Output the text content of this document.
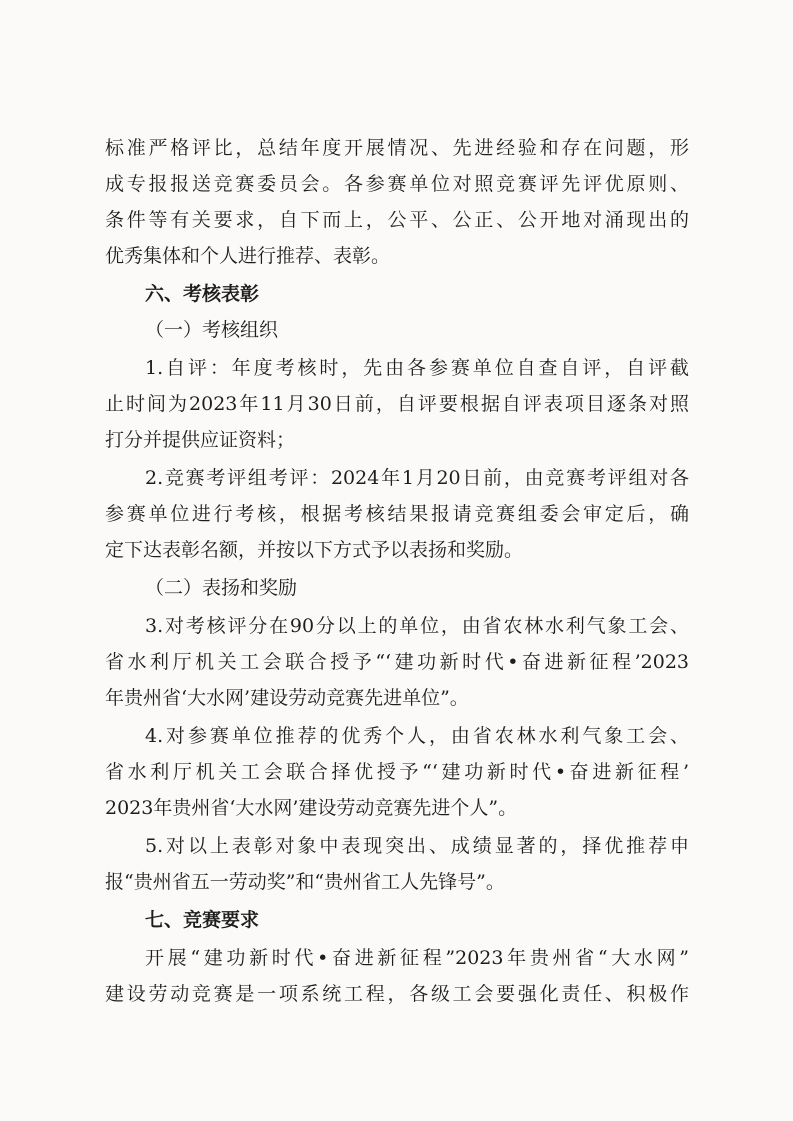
标准严格评比，总结年度开展情况、先进经验和存在问题，形
成专报报送竞赛委员会。各参赛单位对照竞赛评先评优原则、
条件等有关要求，自下而上，公平、公正、公开地对涌现出的
优秀集体和个人进行推荐、表彰。
六、考核表彰
（一）考核组织
1.自评：年度考核时，先由各参赛单位自查自评，自评截
止时间为2023年11月30日前，自评要根据自评表项目逐条对照
打分并提供应证资料；
2.竞赛考评组考评：2024年1月20日前，由竞赛考评组对各
参赛单位进行考核，根据考核结果报请竞赛组委会审定后，确
定下达表彰名额，并按以下方式予以表扬和奖励。
（二）表扬和奖励
3.对考核评分在90分以上的单位，由省农林水利气象工会、
省水利厅机关工会联合授予“‘建功新时代•奋进新征程’2023
年贵州省‘大水网’建设劳动竞赛先进单位”。
4.对参赛单位推荐的优秀个人，由省农林水利气象工会、
省水利厅机关工会联合择优授予“‘建功新时代•奋进新征程’
2023年贵州省‘大水网’建设劳动竞赛先进个人”。
5.对以上表彰对象中表现突出、成绩显著的，择优推荐申
报“贵州省五一劳动奖”和“贵州省工人先锋号”。
七、竞赛要求
开展“建功新时代•奋进新征程”2023年贵州省“大水网”
建设劳动竞赛是一项系统工程，各级工会要强化责任、积极作
